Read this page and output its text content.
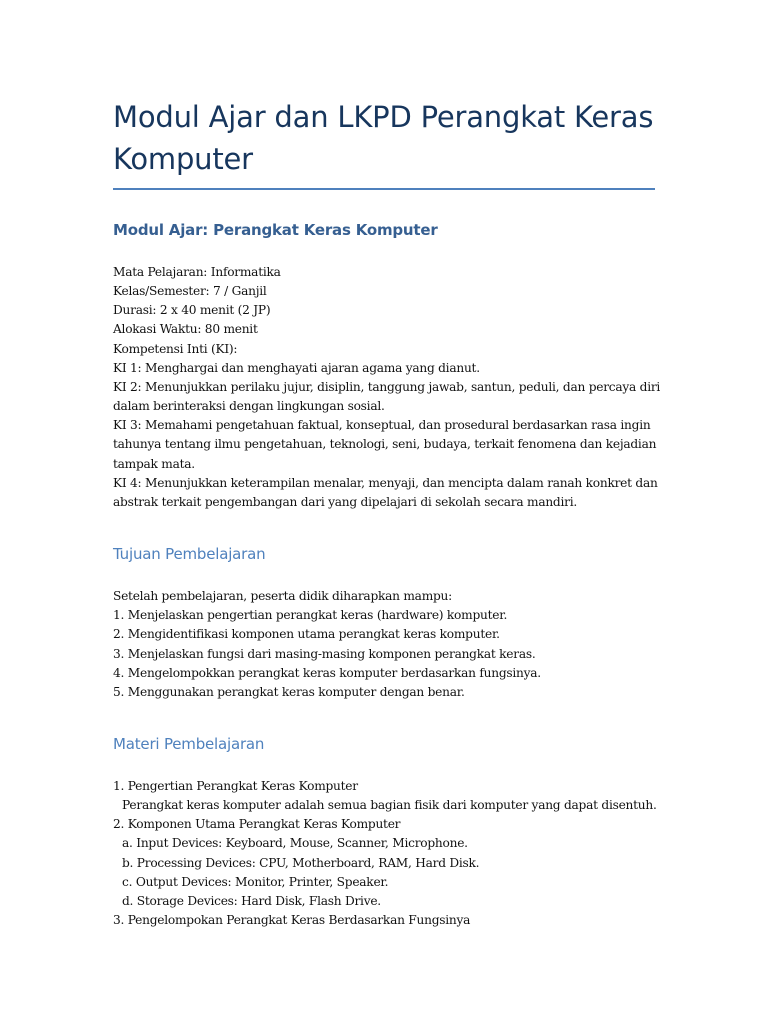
Modul Ajar dan LKPD Perangkat Keras
Komputer
Modul Ajar: Perangkat Keras Komputer
Mata Pelajaran: Informatika
Kelas/Semester: 7 / Ganjil
Durasi: 2 x 40 menit (2 JP)
Alokasi Waktu: 80 menit
Kompetensi Inti (KI):
KI 1: Menghargai dan menghayati ajaran agama yang dianut.
KI 2: Menunjukkan perilaku jujur, disiplin, tanggung jawab, santun, peduli, dan percaya diri
dalam berinteraksi dengan lingkungan sosial.
KI 3: Memahami pengetahuan faktual, konseptual, dan prosedural berdasarkan rasa ingin
tahunya tentang ilmu pengetahuan, teknologi, seni, budaya, terkait fenomena dan kejadian
tampak mata.
KI 4: Menunjukkan keterampilan menalar, menyaji, dan mencipta dalam ranah konkret dan
abstrak terkait pengembangan dari yang dipelajari di sekolah secara mandiri.
Tujuan Pembelajaran
Setelah pembelajaran, peserta didik diharapkan mampu:
1. Menjelaskan pengertian perangkat keras (hardware) komputer.
2. Mengidentifikasi komponen utama perangkat keras komputer.
3. Menjelaskan fungsi dari masing-masing komponen perangkat keras.
4. Mengelompokkan perangkat keras komputer berdasarkan fungsinya.
5. Menggunakan perangkat keras komputer dengan benar.
Materi Pembelajaran
1. Pengertian Perangkat Keras Komputer
Perangkat keras komputer adalah semua bagian fisik dari komputer yang dapat disentuh.
2. Komponen Utama Perangkat Keras Komputer
a. Input Devices: Keyboard, Mouse, Scanner, Microphone.
b. Processing Devices: CPU, Motherboard, RAM, Hard Disk.
c. Output Devices: Monitor, Printer, Speaker.
d. Storage Devices: Hard Disk, Flash Drive.
3. Pengelompokan Perangkat Keras Berdasarkan Fungsinya
